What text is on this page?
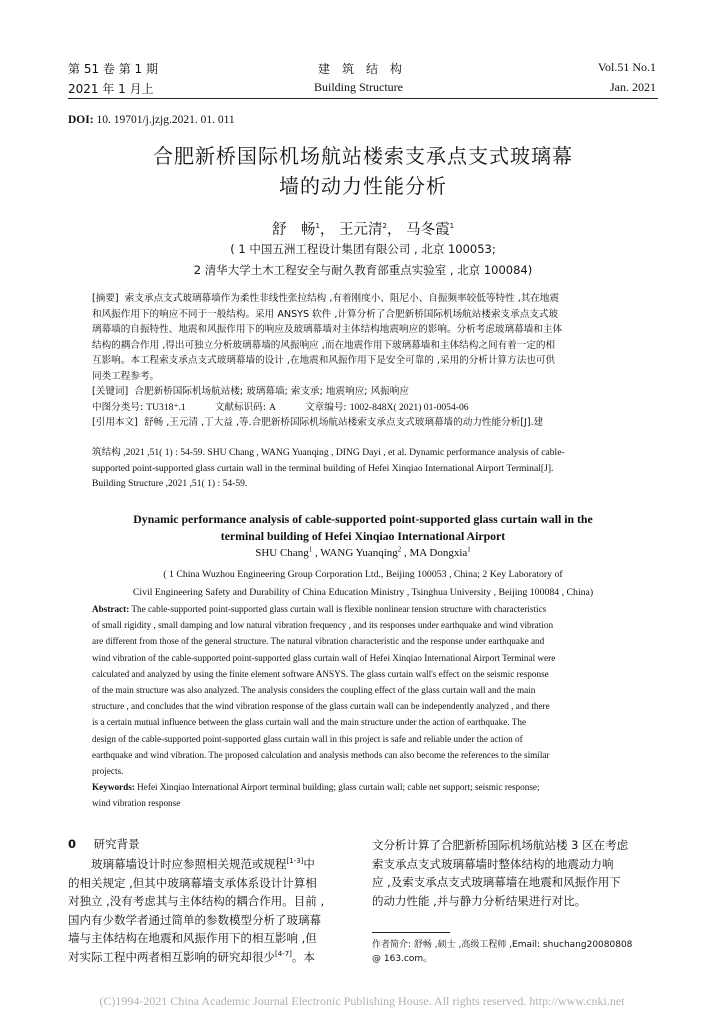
第 51 卷 第 1 期
2021 年 1 月上
建　筑　结　构
Building Structure
Vol.51 No.1
Jan. 2021
DOI: 10. 19701/j.jzjg.2021. 01. 011
合肥新桥国际机场航站楼索支承点支式玻璃幕
墙的动力性能分析
舒　畅$^1$， 王元清$^2$， 马冬霞$^1$
( 1 中国五洲工程设计集团有限公司 , 北京 100053;
2 清华大学土木工程安全与耐久教育部重点实验室 , 北京 100084)
[摘要] 索支承点支式玻璃幕墙作为柔性非线性张拉结构 ,有着刚度小、阻尼小、自振频率较低等特性 ,其在地震
和风振作用下的响应不同于一般结构。采用 ANSYS 软件 ,计算分析了合肥新桥国际机场航站楼索支承点支式玻
璃幕墙的自振特性、地震和风振作用下的响应及玻璃幕墙对主体结构地震响应的影响。分析考虑玻璃幕墙和主体
结构的耦合作用 ,得出可独立分析玻璃幕墙的风振响应 ,而在地震作用下玻璃幕墙和主体结构之间有着一定的相
互影响。本工程索支承点支式玻璃幕墙的设计 ,在地震和风振作用下是安全可靠的 ,采用的分析计算方法也可供
同类工程参考。
[关键词] 合肥新桥国际机场航站楼; 玻璃幕墙; 索支承; 地震响应; 风振响应
中图分类号: TU318⁺.1	文献标识码: A	文章编号: 1002-848X( 2021) 01-0054-06
[引用本文] 舒畅 ,王元清 ,丁大益 ,等.合肥新桥国际机场航站楼索支承点支式玻璃幕墙的动力性能分析[J].建
筑结构 ,2021 ,51( 1) : 54-59. SHU Chang , WANG Yuanqing , DING Dayi , et al. Dynamic performance analysis of cable-
supported point-supported glass curtain wall in the terminal building of Hefei Xinqiao International Airport Terminal[J].
Building Structure ,2021 ,51( 1) : 54-59.
Dynamic performance analysis of cable-supported point-supported glass curtain wall in the
terminal building of Hefei Xinqiao International Airport
SHU Chang$^1$ , WANG Yuanqing$^2$ , MA Dongxia$^1$
( 1 China Wuzhou Engineering Group Corporation Ltd., Beijing 100053 , China; 2 Key Laboratory of
Civil Engineering Safety and Durability of China Education Ministry , Tsinghua University , Beijing 100084 , China)
Abstract: The cable-supported point-supported glass curtain wall is flexible nonlinear tension structure with characteristics
of small rigidity , small damping and low natural vibration frequency , and its responses under earthquake and wind vibration
are different from those of the general structure. The natural vibration characteristic and the response under earthquake and
wind vibration of the cable-supported point-supported glass curtain wall of Hefei Xinqiao International Airport Terminal were
calculated and analyzed by using the finite element software ANSYS. The glass curtain wall's effect on the seismic response
of the main structure was also analyzed. The analysis considers the coupling effect of the glass curtain wall and the main
structure , and concludes that the wind vibration response of the glass curtain wall can be independently analyzed , and there
is a certain mutual influence between the glass curtain wall and the main structure under the action of earthquake. The
design of the cable-supported point-supported glass curtain wall in this project is safe and reliable under the action of
earthquake and wind vibration. The proposed calculation and analysis methods can also become the references to the similar
projects.
Keywords: Hefei Xinqiao International Airport terminal building; glass curtain wall; cable net support; seismic response;
wind vibration response
0 研究背景
玻璃幕墙设计时应参照相关规范或规程[1-3]中
的相关规定 ,但其中玻璃幕墙支承体系设计计算相
对独立 ,没有考虑其与主体结构的耦合作用。目前 ,
国内有少数学者通过简单的参数模型分析了玻璃幕
墙与主体结构在地震和风振作用下的相互影响 ,但
对实际工程中两者相互影响的研究却很少[4-7]。本
文分析计算了合肥新桥国际机场航站楼 3 区在考虑
索支承点支式玻璃幕墙时整体结构的地震动力响
应 ,及索支承点支式玻璃幕墙在地震和风振作用下
的动力性能 ,并与静力分析结果进行对比。
作者简介: 舒畅 ,硕士 ,高级工程师 ,Email: shuchang20080808
@ 163.com。
(C)1994-2021 China Academic Journal Electronic Publishing House. All rights reserved. http://www.cnki.net
